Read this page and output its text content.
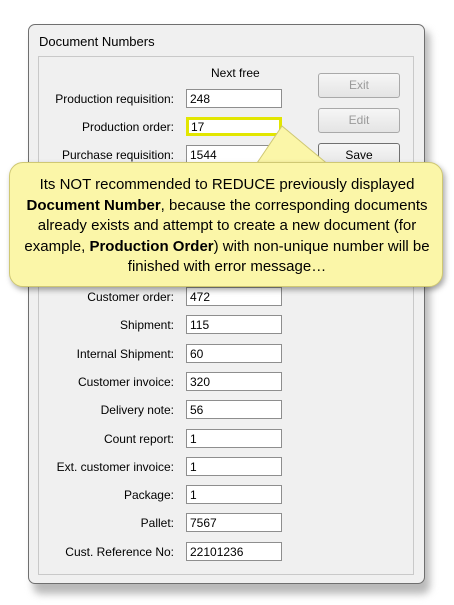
Document Numbers
Next free
Production requisition:
Production order:
Purchase requisition:
Customer order:
Shipment:
Internal Shipment:
Customer invoice:
Delivery note:
Count report:
Ext. customer invoice:
Package:
Pallet:
Cust. Reference No:
248
17
1544
472
115
60
320
56
1
1
1
7567
22101236
Exit
Edit
Save
Its NOT recommended to REDUCE previously displayed Document Number, because the corresponding documents already exists and attempt to create a new document (for example, Production Order) with non-unique number will be finished with error message…
